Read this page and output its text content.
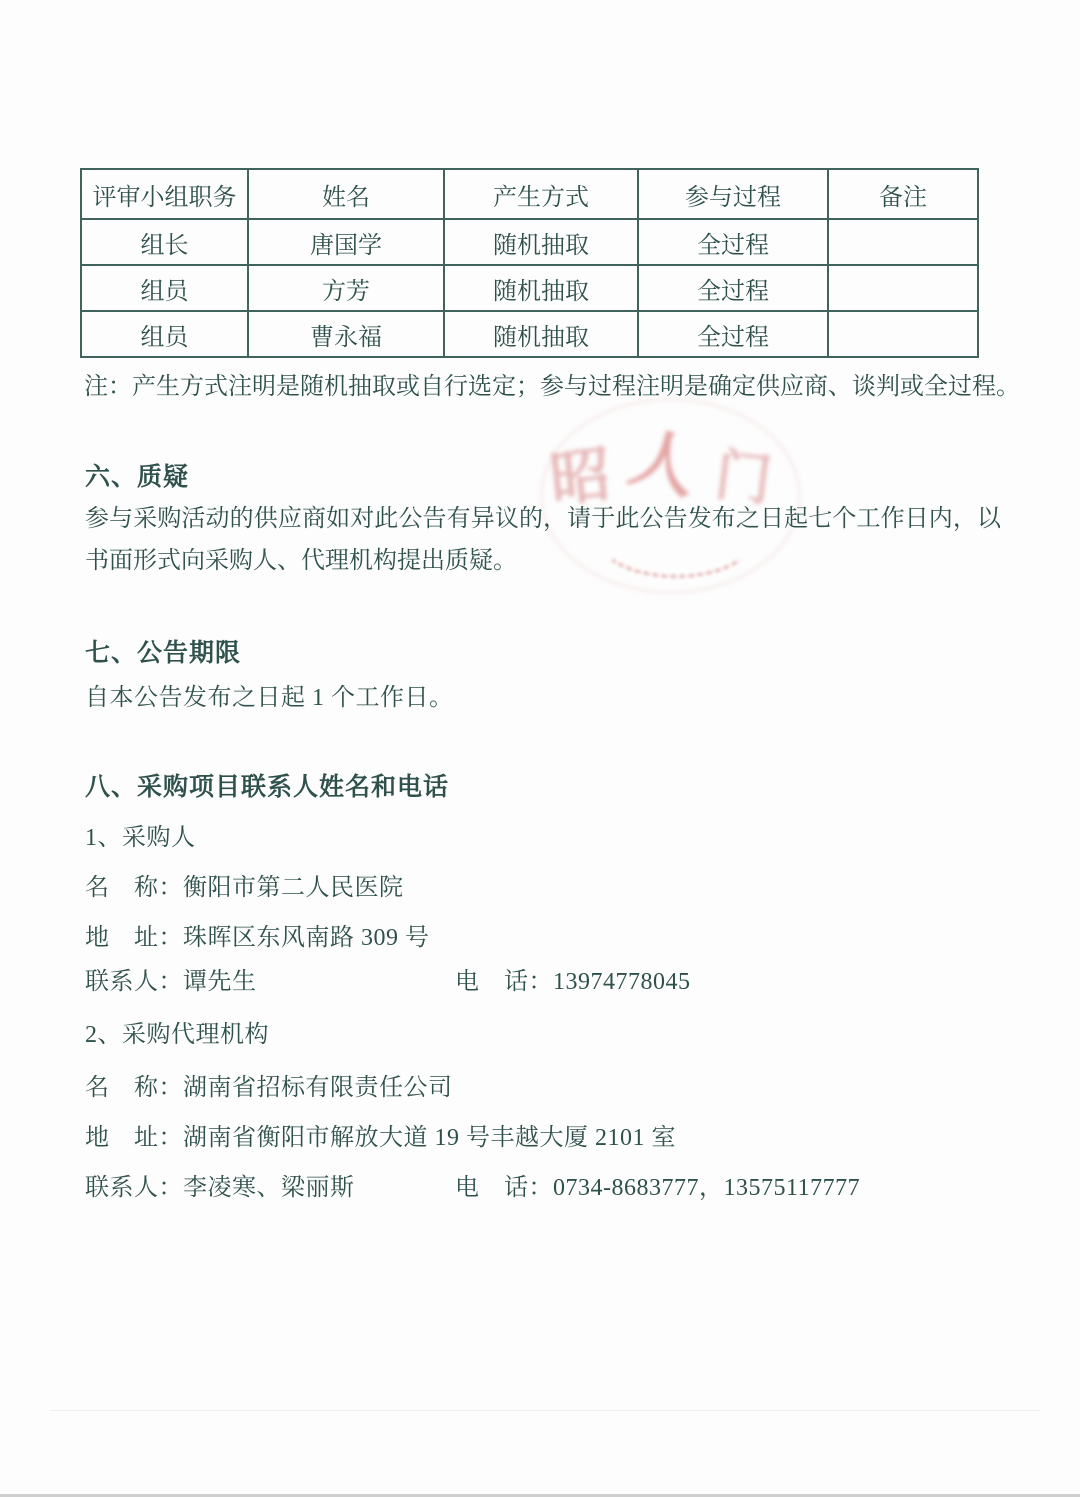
评审小组职务	姓名	产生方式	参与过程	备注
组长	唐国学	随机抽取	全过程	
组员	方芳	随机抽取	全过程	
组员	曹永福	随机抽取	全过程	

注：产生方式注明是随机抽取或自行选定；参与过程注明是确定供应商、谈判或全过程。

昭 人 门
六、质疑

参与采购活动的供应商如对此公告有异议的，请于此公告发布之日起七个工作日内，以书面形式向采购人、代理机构提出质疑。

七、公告期限

自本公告发布之日起 1 个工作日。

八、采购项目联系人姓名和电话

1、采购人

名　称：衡阳市第二人民医院

地　址：珠晖区东风南路 309 号

联系人：谭先生	电　话：13974778045

2、采购代理机构

名　称：湖南省招标有限责任公司

地　址：湖南省衡阳市解放大道 19 号丰越大厦 2101 室

联系人：李凌寒、梁丽斯	电　话：0734-8683777，13575117777
